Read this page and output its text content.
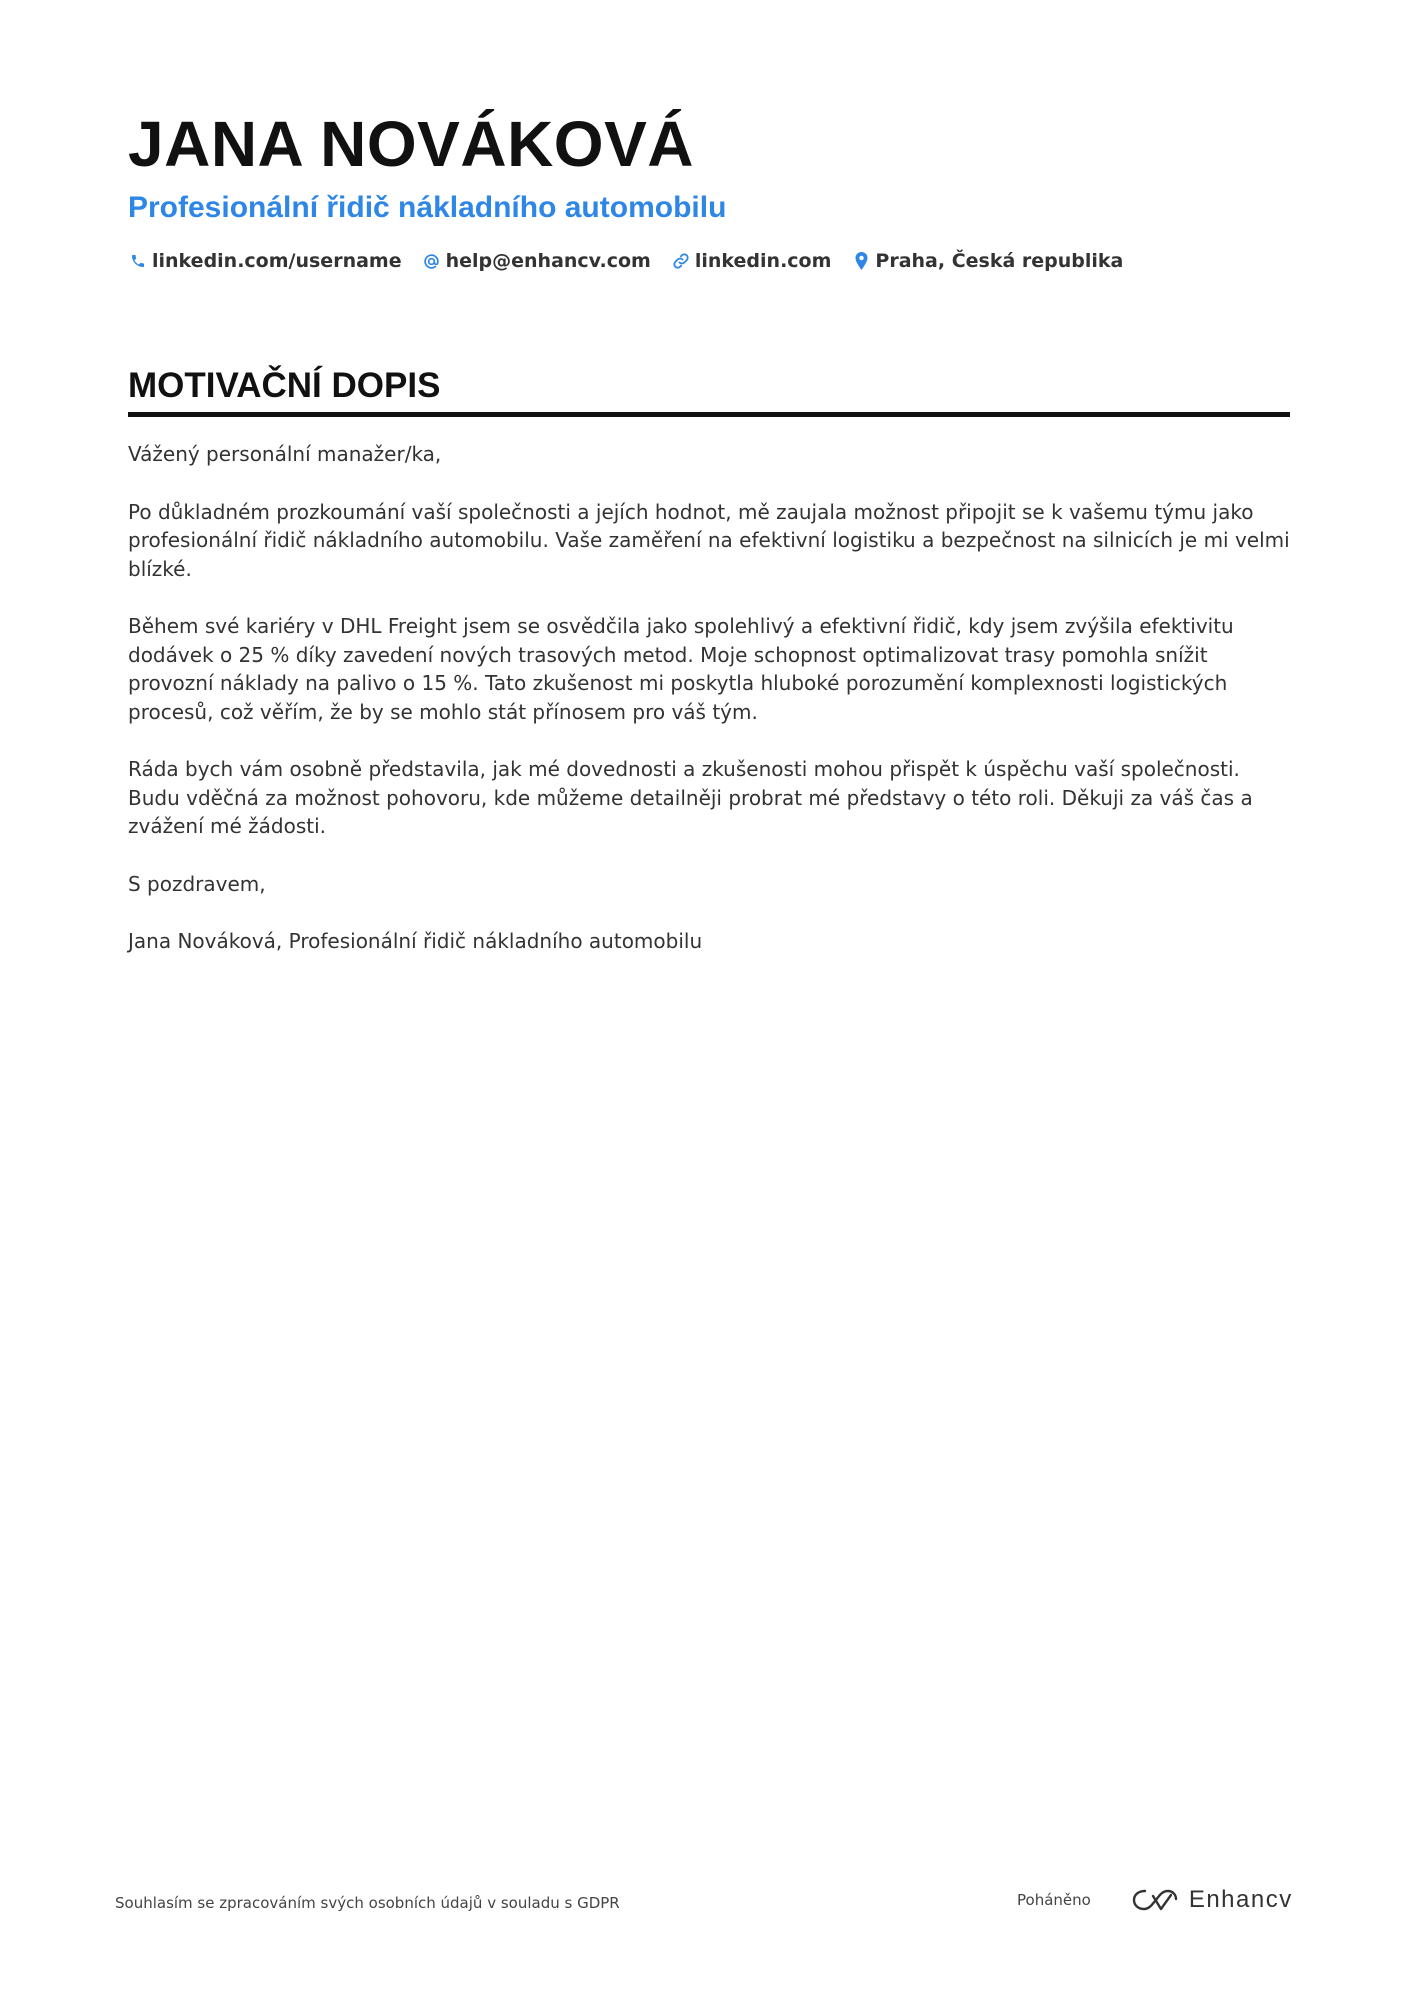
JANA NOVÁKOVÁ
Profesionální řidič nákladního automobilu
linkedin.com/username help@enhancv.com linkedin.com Praha, Česká republika
MOTIVAČNÍ DOPIS

Vážený personální manažer/ka,

Po důkladném prozkoumání vaší společnosti a jejích hodnot, mě zaujala možnost připojit se k vašemu týmu jako profesionální řidič nákladního automobilu. Vaše zaměření na efektivní logistiku a bezpečnost na silnicích je mi velmi blízké.

Během své kariéry v DHL Freight jsem se osvědčila jako spolehlivý a efektivní řidič, kdy jsem zvýšila efektivitu dodávek o 25 % díky zavedení nových trasových metod. Moje schopnost optimalizovat trasy pomohla snížit provozní náklady na palivo o 15 %. Tato zkušenost mi poskytla hluboké porozumění komplexnosti logistických procesů, což věřím, že by se mohlo stát přínosem pro váš tým.

Ráda bych vám osobně představila, jak mé dovednosti a zkušenosti mohou přispět k úspěchu vaší společnosti. Budu vděčná za možnost pohovoru, kde můžeme detailněji probrat mé představy o této roli. Děkuji za váš čas a zvážení mé žádosti.

S pozdravem,

Jana Nováková, Profesionální řidič nákladního automobilu

Souhlasím se zpracováním svých osobních údajů v souladu s GDPR	Poháněno	Enhancv
